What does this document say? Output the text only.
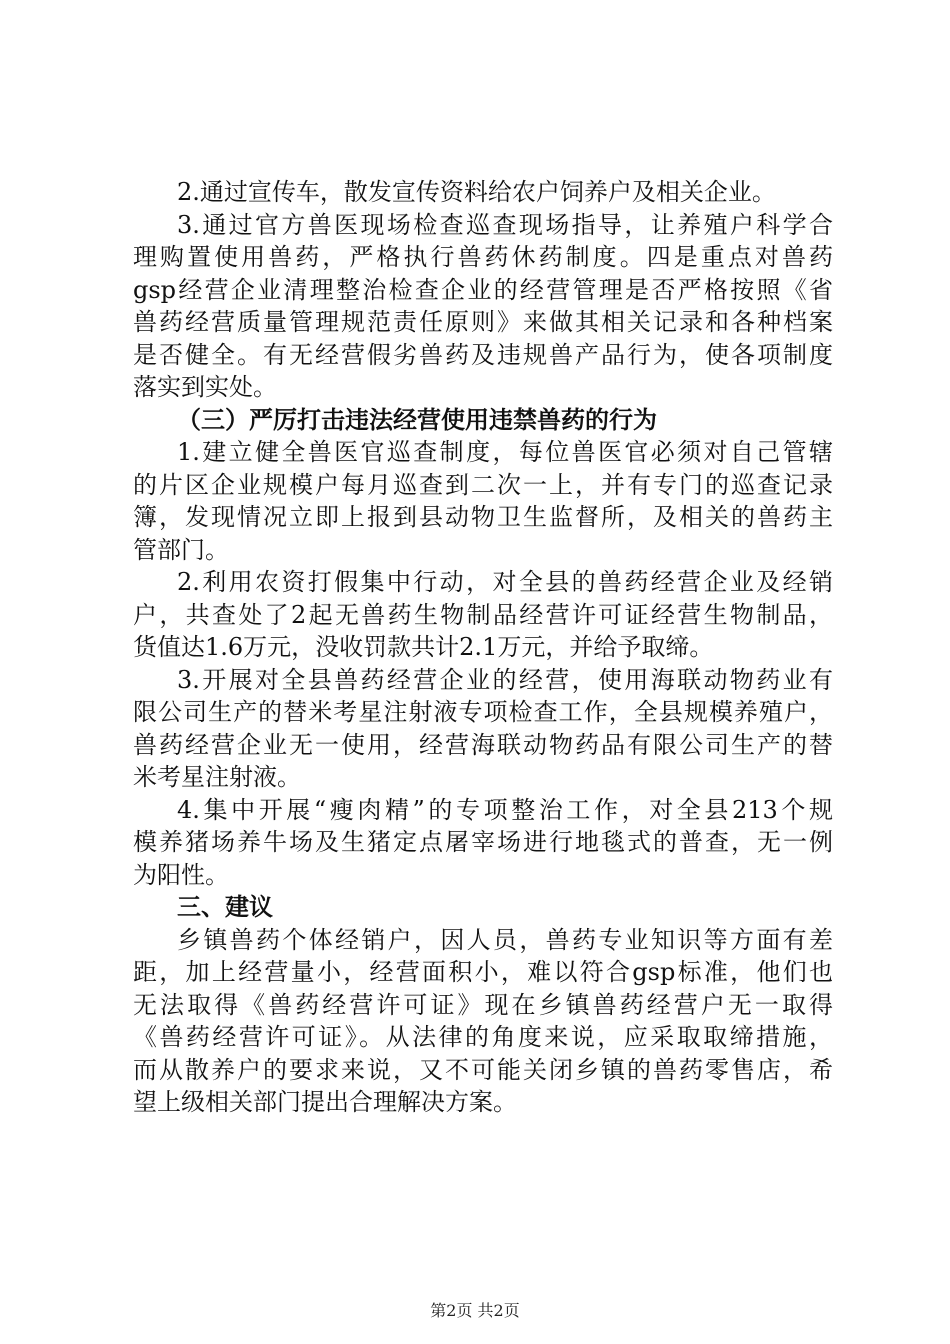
2.通过宣传车，散发宣传资料给农户饲养户及相关企业。
3.通过官方兽医现场检查巡查现场指导，让养殖户科学合
理购置使用兽药，严格执行兽药休药制度。四是重点对兽药
gsp经营企业清理整治检查企业的经营管理是否严格按照《省
兽药经营质量管理规范责任原则》来做其相关记录和各种档案
是否健全。有无经营假劣兽药及违规兽产品行为，使各项制度
落实到实处。
（三）严厉打击违法经营使用违禁兽药的行为
1.建立健全兽医官巡查制度，每位兽医官必须对自己管辖
的片区企业规模户每月巡查到二次一上，并有专门的巡查记录
簿，发现情况立即上报到县动物卫生监督所，及相关的兽药主
管部门。
2.利用农资打假集中行动，对全县的兽药经营企业及经销
户，共查处了2起无兽药生物制品经营许可证经营生物制品，
货值达1.6万元，没收罚款共计2.1万元，并给予取缔。
3.开展对全县兽药经营企业的经营，使用海联动物药业有
限公司生产的替米考星注射液专项检查工作，全县规模养殖户，
兽药经营企业无一使用，经营海联动物药品有限公司生产的替
米考星注射液。
4.集中开展“瘦肉精”的专项整治工作，对全县213个规
模养猪场养牛场及生猪定点屠宰场进行地毯式的普查，无一例
为阳性。
三、建议
乡镇兽药个体经销户，因人员，兽药专业知识等方面有差
距，加上经营量小，经营面积小，难以符合gsp标准，他们也
无法取得《兽药经营许可证》现在乡镇兽药经营户无一取得
《兽药经营许可证》。从法律的角度来说，应采取取缔措施，
而从散养户的要求来说，又不可能关闭乡镇的兽药零售店，希
望上级相关部门提出合理解决方案。
第2页 共2页
